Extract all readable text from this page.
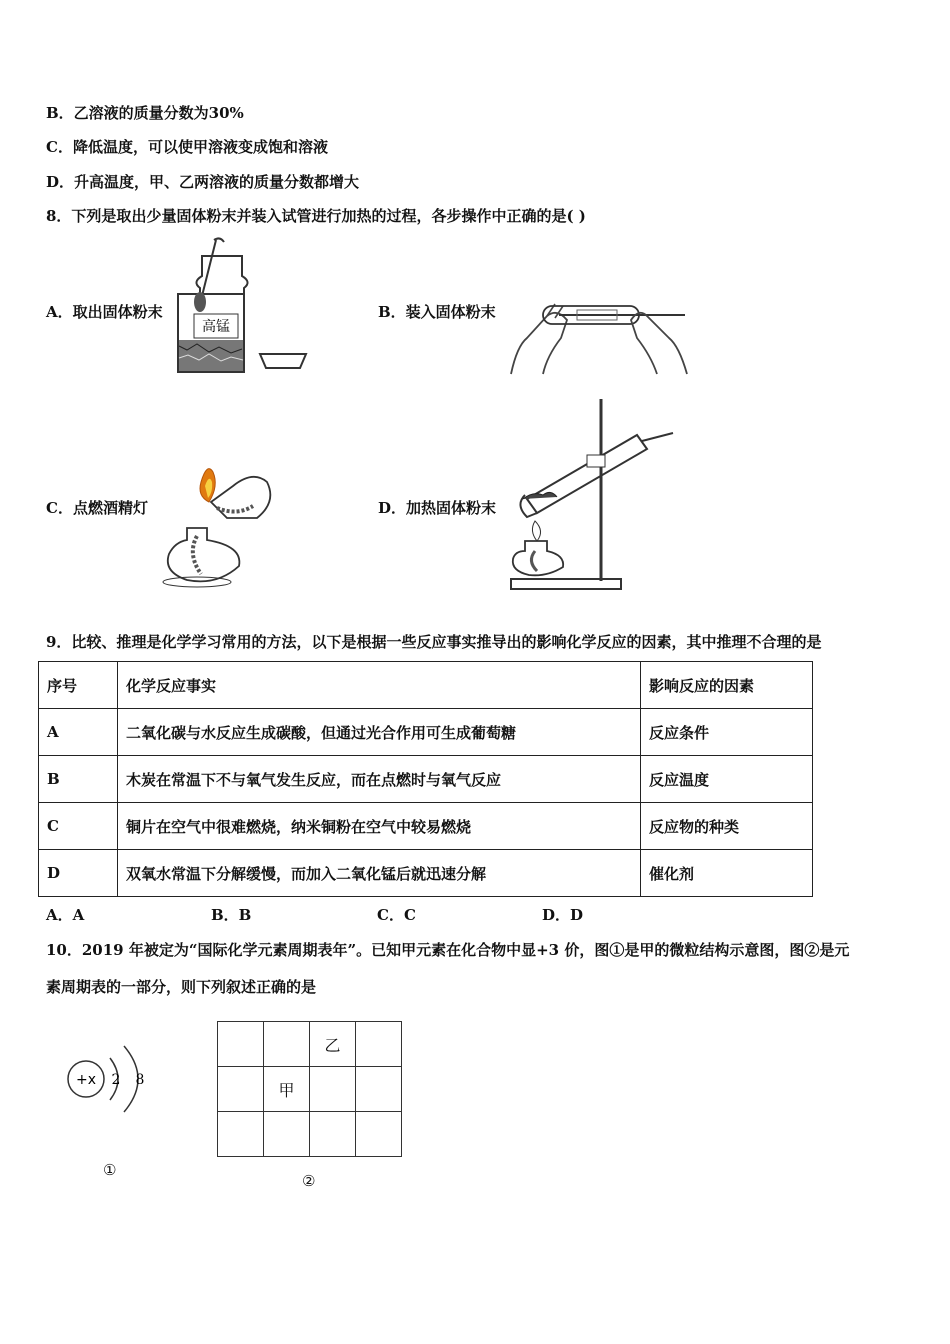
B．乙溶液的质量分数为30%
C．降低温度，可以使甲溶液变成饱和溶液
D．升高温度，甲、乙两溶液的质量分数都增大
8．下列是取出少量固体粉末并装入试管进行加热的过程，各步操作中正确的是( )
A．取出固体粉末
高锰
B．装入固体粉末
C．点燃酒精灯	D．加热固体粉末
9．比较、推理是化学学习常用的方法，以下是根据一些反应事实推导出的影响化学反应的因素，其中推理不合理的是
序号	化学反应事实	影响反应的因素
A	二氧化碳与水反应生成碳酸，但通过光合作用可生成葡萄糖	反应条件
B	木炭在常温下不与氧气发生反应，而在点燃时与氧气反应	反应温度
C	铜片在空气中很难燃烧，纳米铜粉在空气中较易燃烧	反应物的种类
D	双氧水常温下分解缓慢，而加入二氧化锰后就迅速分解	催化剂
A．A	B．B	C．C	D．D
10．2019 年被定为“国际化学元素周期表年”。已知甲元素在化合物中显+3 价，图①是甲的微粒结构示意图，图②是元
素周期表的一部分，则下列叙述正确的是
+x 2 8
①
		乙	
	甲		

②
